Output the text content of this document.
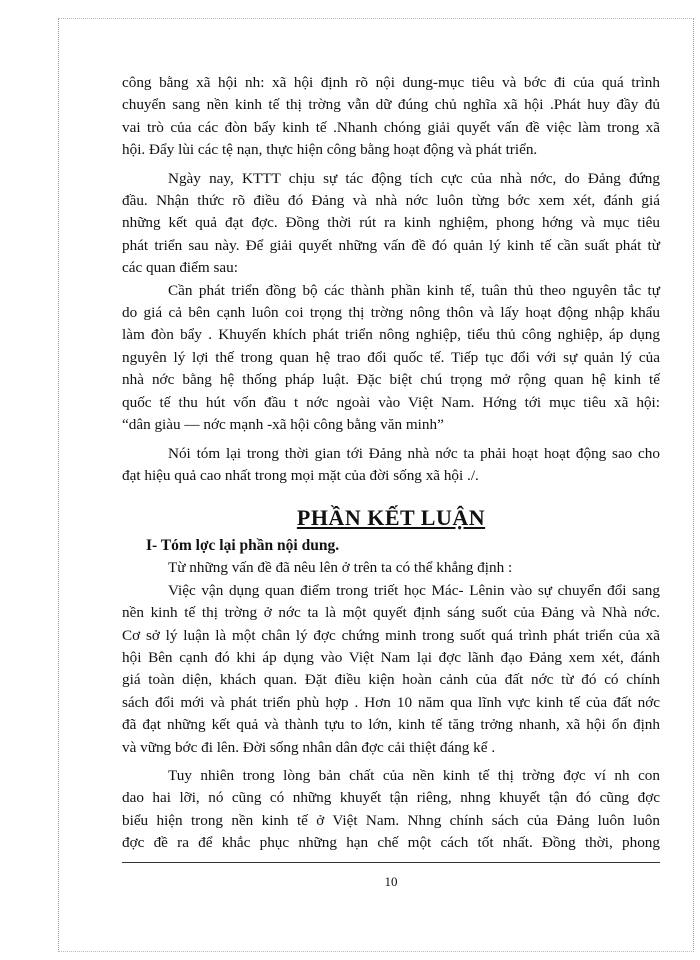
công bằng xã hội nh: xã hội định rõ nội dung-mục tiêu và bớc đi của quá trình

chuyển sang nền kinh tế thị trờng vẫn dữ đúng chủ nghĩa xã hội .Phát huy đầy đủ

vai trò của các đòn bẩy kinh tế .Nhanh chóng giải quyết vấn đề việc làm trong xã

hội. Đẩy lùi các tệ nạn, thực hiện công bằng hoạt động và phát triển.

Ngày nay, KTTT chịu sự tác động tích cực của nhà nớc, do Đảng đứng

đầu. Nhận thức rõ điều đó Đảng và nhà nớc luôn từng bớc xem xét, đánh giá

những kết quả đạt đợc. Đồng thời rút ra kinh nghiệm, phong hớng và mục tiêu

phát triển sau này. Để giải quyết những vấn đề đó quản lý kinh tế cần suất phát từ

các quan điểm sau:

Cần phát triển đồng bộ các thành phần kinh tế, tuân thủ theo nguyên tắc tự

do giá cả bên cạnh luôn coi trọng thị trờng nông thôn và lấy hoạt động nhập khẩu

làm đòn bẩy . Khuyến khích phát triển nông nghiệp, tiểu thủ công nghiệp, áp dụng

nguyên lý lợi thế trong quan hệ trao đổi quốc tế. Tiếp tục đổi với sự quản lý của

nhà nớc bằng hệ thống pháp luật. Đặc biệt chú trọng mở rộng quan hệ kinh tế

quốc tế thu hút vốn đầu t nớc ngoài vào Việt Nam. Hớng tới mục tiêu xã hội:

“dân giàu — nớc mạnh -xã hội công bằng văn minh”

Nói tóm lại trong thời gian tới Đảng nhà nớc ta phải hoạt hoạt động sao cho

đạt hiệu quả cao nhất trong mọi mặt của đời sống xã hội ./.

PHẦN KẾT LUẬN
I- Tóm lợc lại phần nội dung.

Từ những vấn đề đã nêu lên ở trên ta có thể khẳng định :

Việc vận dụng quan điểm trong triết học Mác- Lênin vào sự chuyển đổi sang

nền kinh tế thị trờng ở nớc ta là một quyết định sáng suốt của Đảng và Nhà nớc.

Cơ sở lý luận là một chân lý đợc chứng minh trong suốt quá trình phát triển của xã

hội Bên cạnh đó khi áp dụng vào Việt Nam lại đợc lãnh đạo Đảng xem xét, đánh

giá toàn diện, khách quan. Đặt điều kiện hoàn cảnh của đất nớc từ đó có chính

sách đổi mới và phát triển phù hợp . Hơn 10 năm qua lĩnh vực kinh tế của đất nớc

đã đạt những kết quả và thành tựu to lớn, kinh tế tăng trởng nhanh, xã hội ổn định

và vững bớc đi lên. Đời sống nhân dân đợc cải thiệt đáng kể .

Tuy nhiên trong lòng bản chất của nền kinh tế thị trờng đợc ví nh con

dao hai lỡi, nó cũng có những khuyết tận riêng, nhng khuyết tận đó cũng đợc

biểu hiện trong nền kinh tế ở Việt Nam. Nhng chính sách của Đảng luôn luôn

đợc đề ra để khắc phục những hạn chế một cách tốt nhất. Đồng thời, phong

10
